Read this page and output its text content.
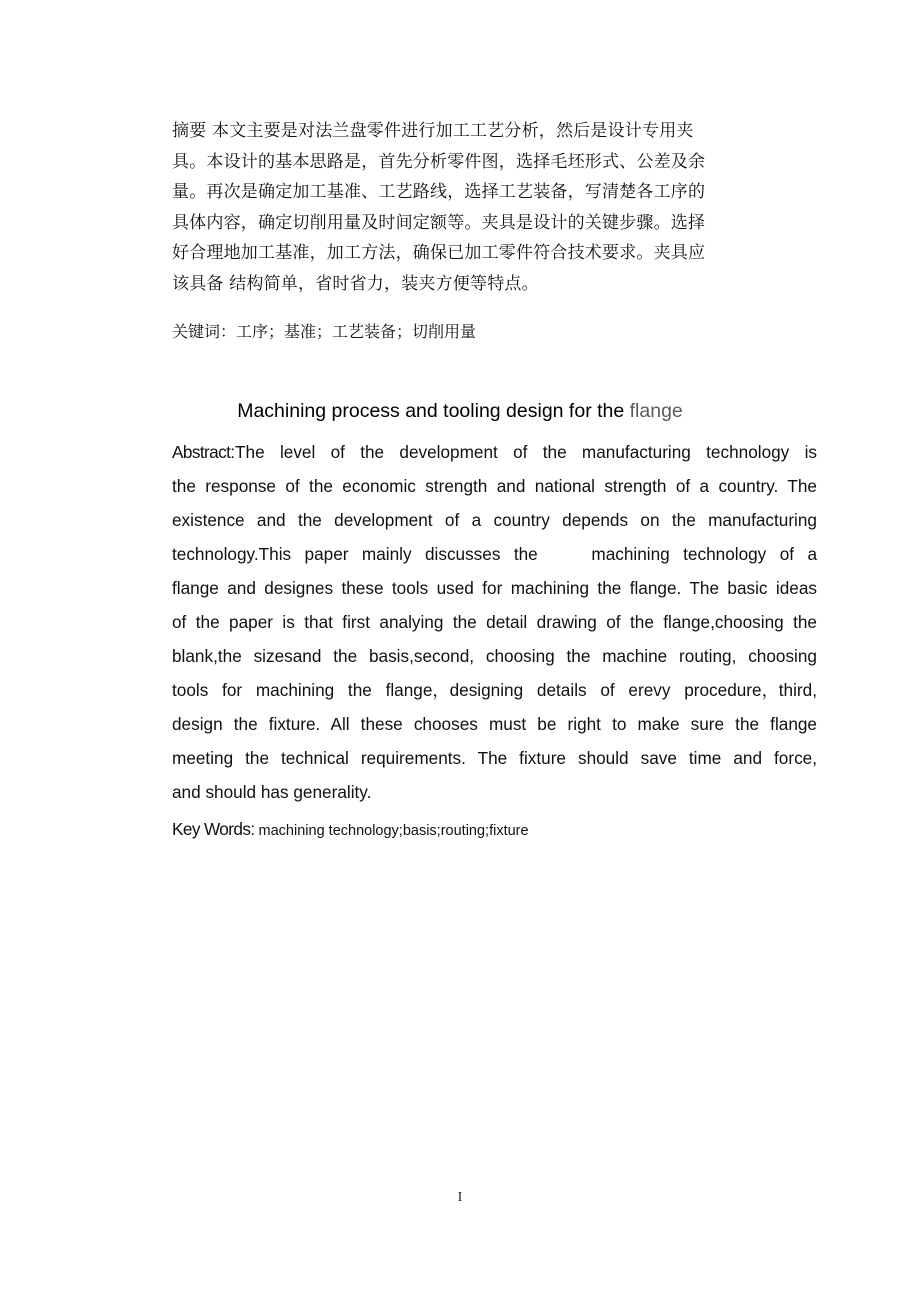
摘要 本文主要是对法兰盘零件进行加工工艺分析，然后是设计专用夹
具。本设计的基本思路是，首先分析零件图，选择毛坯形式、公差及余
量。再次是确定加工基准、工艺路线，选择工艺装备，写清楚各工序的
具体内容，确定切削用量及时间定额等。夹具是设计的关键步骤。选择
好合理地加工基准，加工方法，确保已加工零件符合技术要求。夹具应
该具备 结构简单，省时省力，装夹方便等特点。
关键词：工序；基准；工艺装备；切削用量
Machining process and tooling design for the flange
Abstract:The level of the development of the manufacturing technology is
the response of the economic strength and national strength of a country. The
existence and the development of a country depends on the manufacturing
technology.This paper mainly discusses the    machining technology of a
flange and designes these tools used for machining the flange. The basic ideas
of the paper is that first analying the detail drawing of the flange,choosing the
blank,the sizesand the basis,second, choosing the machine routing, choosing
tools for machining the flange，designing details of erevy procedure，third,
design the fixture. All these chooses must be right to make sure the flange
meeting the technical requirements. The fixture should save time and force,
and should has generality.
Key Words: machining technology;basis;routing;fixture
I
